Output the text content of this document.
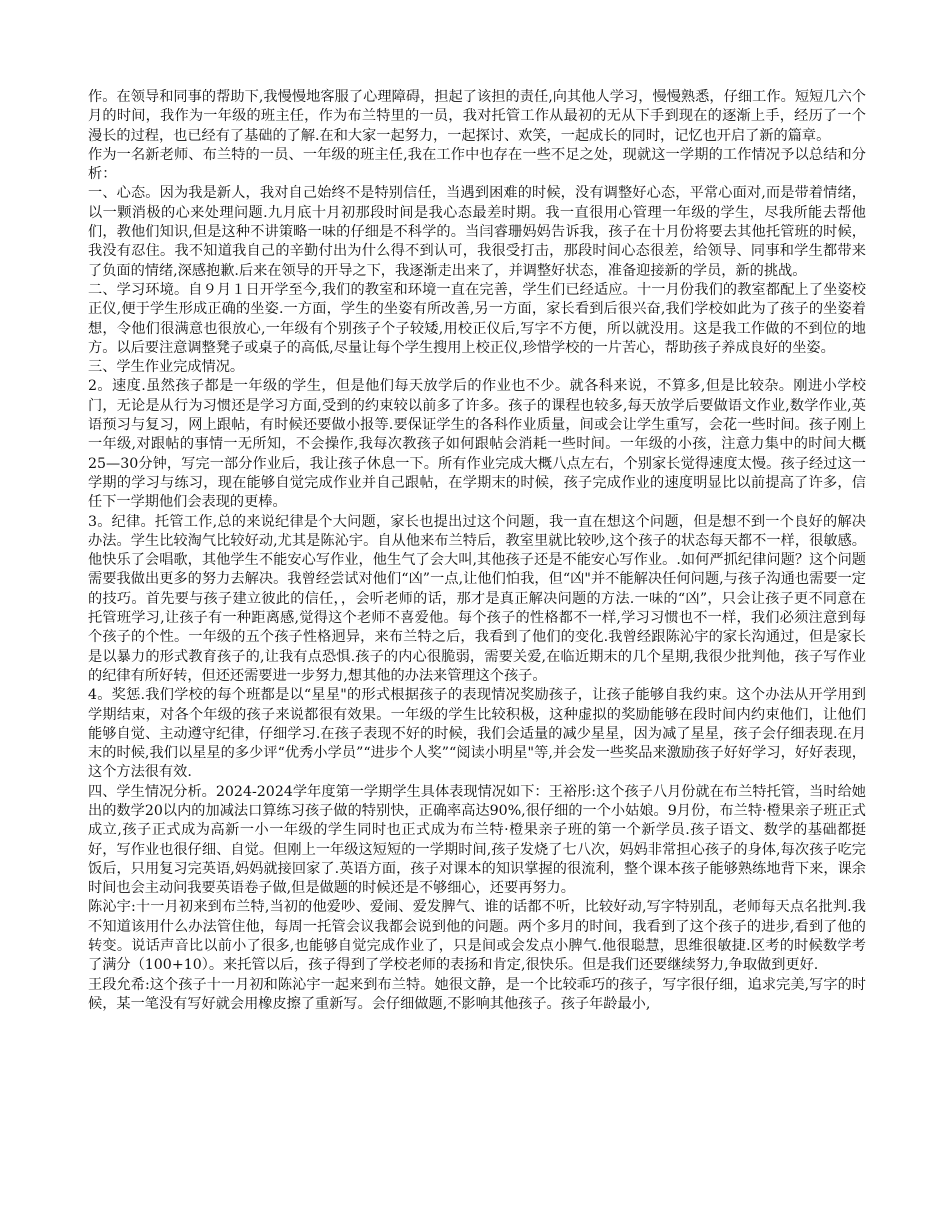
作。在领导和同事的帮助下,我慢慢地客服了心理障碍，担起了该担的责任,向其他人学习，慢慢熟悉，仔细工作。短短几六个月的时间，我作为一年级的班主任，作为布兰特里的一员，我对托管工作从最初的无从下手到现在的逐渐上手，经历了一个漫长的过程，也已经有了基础的了解.在和大家一起努力，一起探讨、欢笑，一起成长的同时，记忆也开启了新的篇章。

作为一名新老师、布兰特的一员、一年级的班主任,我在工作中也存在一些不足之处，现就这一学期的工作情况予以总结和分析：

一、心态。因为我是新人，我对自己始终不是特别信任，当遇到困难的时候，没有调整好心态，平常心面对,而是带着情绪，以一颗消极的心来处理问题.九月底十月初那段时间是我心态最差时期。我一直很用心管理一年级的学生，尽我所能去帮他们，教他们知识,但是这种不讲策略一味的仔细是不科学的。当闫睿珊妈妈告诉我，孩子在十月份将要去其他托管班的时候，我没有忍住。我不知道我自己的辛勤付出为什么得不到认可，我很受打击，那段时间心态很差，给领导、同事和学生都带来了负面的情绪,深感抱歉.后来在领导的开导之下，我逐渐走出来了，并调整好状态，准备迎接新的学员，新的挑战。

二、学习环境。自９月１日开学至今,我们的教室和环境一直在完善，学生们已经适应。十一月份我们的教室都配上了坐姿校正仪,便于学生形成正确的坐姿.一方面，学生的坐姿有所改善,另一方面，家长看到后很兴奋,我们学校如此为了孩子的坐姿着想，令他们很满意也很放心,一年级有个别孩子个子较矮,用校正仪后,写字不方便，所以就没用。这是我工作做的不到位的地方。以后要注意调整凳子或桌子的高低,尽量让每个学生搜用上校正仪,珍惜学校的一片苦心，帮助孩子养成良好的坐姿。

三、学生作业完成情况。

2。速度.虽然孩子都是一年级的学生，但是他们每天放学后的作业也不少。就各科来说，不算多,但是比较杂。刚进小学校门，无论是从行为习惯还是学习方面,受到的约束较以前多了许多。孩子的课程也较多,每天放学后要做语文作业,数学作业,英语预习与复习，网上跟帖，有时候还要做小报等.要保证学生的各科作业质量，间或会让学生重写，会花一些时间。孩子刚上一年级,对跟帖的事情一无所知，不会操作,我每次教孩子如何跟帖会消耗一些时间。一年级的小孩，注意力集中的时间大概25—30分钟，写完一部分作业后，我让孩子休息一下。所有作业完成大概八点左右，个别家长觉得速度太慢。孩子经过这一学期的学习与练习，现在能够自觉完成作业并自己跟帖，在学期末的时候，孩子完成作业的速度明显比以前提高了许多，信任下一学期他们会表现的更棒。

3。纪律。托管工作,总的来说纪律是个大问题，家长也提出过这个问题，我一直在想这个问题，但是想不到一个良好的解决办法。学生比较淘气比较好动,尤其是陈沁宇。自从他来布兰特后，教室里就比较吵,这个孩子的状态每天都不一样，很敏感。他快乐了会唱歌，其他学生不能安心写作业，他生气了会大叫,其他孩子还是不能安心写作业。.如何严抓纪律问题？这个问题需要我做出更多的努力去解决。我曾经尝试对他们“凶”一点,让他们怕我，但“凶"并不能解决任何问题,与孩子沟通也需要一定的技巧。首先要与孩子建立彼此的信任，，会听老师的话，那才是真正解决问题的方法.一味的“凶”，只会让孩子更不同意在托管班学习,让孩子有一种距离感,觉得这个老师不喜爱他。每个孩子的性格都不一样,学习习惯也不一样，我们必须注意到每个孩子的个性。一年级的五个孩子性格迥异，来布兰特之后，我看到了他们的变化.我曾经跟陈沁宇的家长沟通过，但是家长是以暴力的形式教育孩子的,让我有点恐惧.孩子的内心很脆弱，需要关爱,在临近期末的几个星期,我很少批判他，孩子写作业的纪律有所好转，但还还需要进一步努力,想其他的办法来管理这个孩子。

4。奖惩.我们学校的每个班都是以“星星"的形式根据孩子的表现情况奖励孩子，让孩子能够自我约束。这个办法从开学用到学期结束，对各个年级的孩子来说都很有效果。一年级的学生比较积极，这种虚拟的奖励能够在段时间内约束他们，让他们能够自觉、主动遵守纪律，仔细学习.在孩子表现不好的时候，我们会适量的减少星星，因为减了星星，孩子会仔细表现.在月末的时候,我们以星星的多少评“优秀小学员”“进步个人奖”“阅读小明星"等,并会发一些奖品来激励孩子好好学习，好好表现，这个方法很有效.

四、学生情况分析。2024-2024学年度第一学期学生具体表现情况如下：王裕彤:这个孩子八月份就在布兰特托管，当时给她出的数学20以内的加减法口算练习孩子做的特别快，正确率高达90%,很仔细的一个小姑娘。9月份，布兰特·橙果亲子班正式成立,孩子正式成为高新一小一年级的学生同时也正式成为布兰特·橙果亲子班的第一个新学员.孩子语文、数学的基础都挺好，写作业也很仔细、自觉。但刚上一年级这短短的一学期时间,孩子发烧了七八次，妈妈非常担心孩子的身体,每次孩子吃完饭后，只用复习完英语,妈妈就接回家了.英语方面，孩子对课本的知识掌握的很流利，整个课本孩子能够熟练地背下来，课余时间也会主动问我要英语卷子做,但是做题的时候还是不够细心，还要再努力。

陈沁宇:十一月初来到布兰特,当初的他爱吵、爱闹、爱发脾气、谁的话都不听，比较好动,写字特别乱，老师每天点名批判.我不知道该用什么办法管住他，每周一托管会议我都会说到他的问题。两个多月的时间，我看到了这个孩子的进步,看到了他的转变。说话声音比以前小了很多,也能够自觉完成作业了，只是间或会发点小脾气.他很聪慧，思维很敏捷.区考的时候数学考了满分（100+10）。来托管以后，孩子得到了学校老师的表扬和肯定,很快乐。但是我们还要继续努力,争取做到更好.

王段允希:这个孩子十一月初和陈沁宇一起来到布兰特。她很文静，是一个比较乖巧的孩子，写字很仔细，追求完美,写字的时候，某一笔没有写好就会用橡皮擦了重新写。会仔细做题,不影响其他孩子。孩子年龄最小,
